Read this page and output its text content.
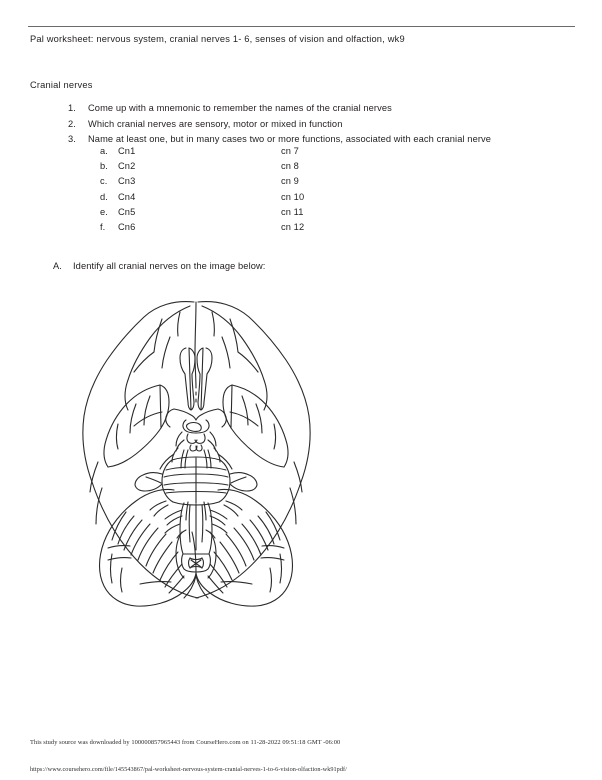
Pal worksheet: nervous system, cranial nerves 1- 6, senses of vision and olfaction, wk9
Cranial nerves
1.	Come up with a mnemonic to remember the names of the cranial nerves
2.	Which cranial nerves are sensory, motor or mixed in function
3.	Name at least one, but in many cases two or more functions, associated with each cranial nerve
a.	Cn1	cn 7
b.	Cn2	cn 8
c.	Cn3	cn 9
d.	Cn4	cn 10
e.	Cn5	cn 11
f.	Cn6	cn 12
A.	Identify all cranial nerves on the image below:
This study source was downloaded by 100000857965443 from CourseHero.com on 11-28-2022 09:51:18 GMT -06:00
https://www.coursehero.com/file/145543867/pal-worksheet-nervous-system-cranial-nerves-1-to-6-vision-olfaction-wk91pdf/
